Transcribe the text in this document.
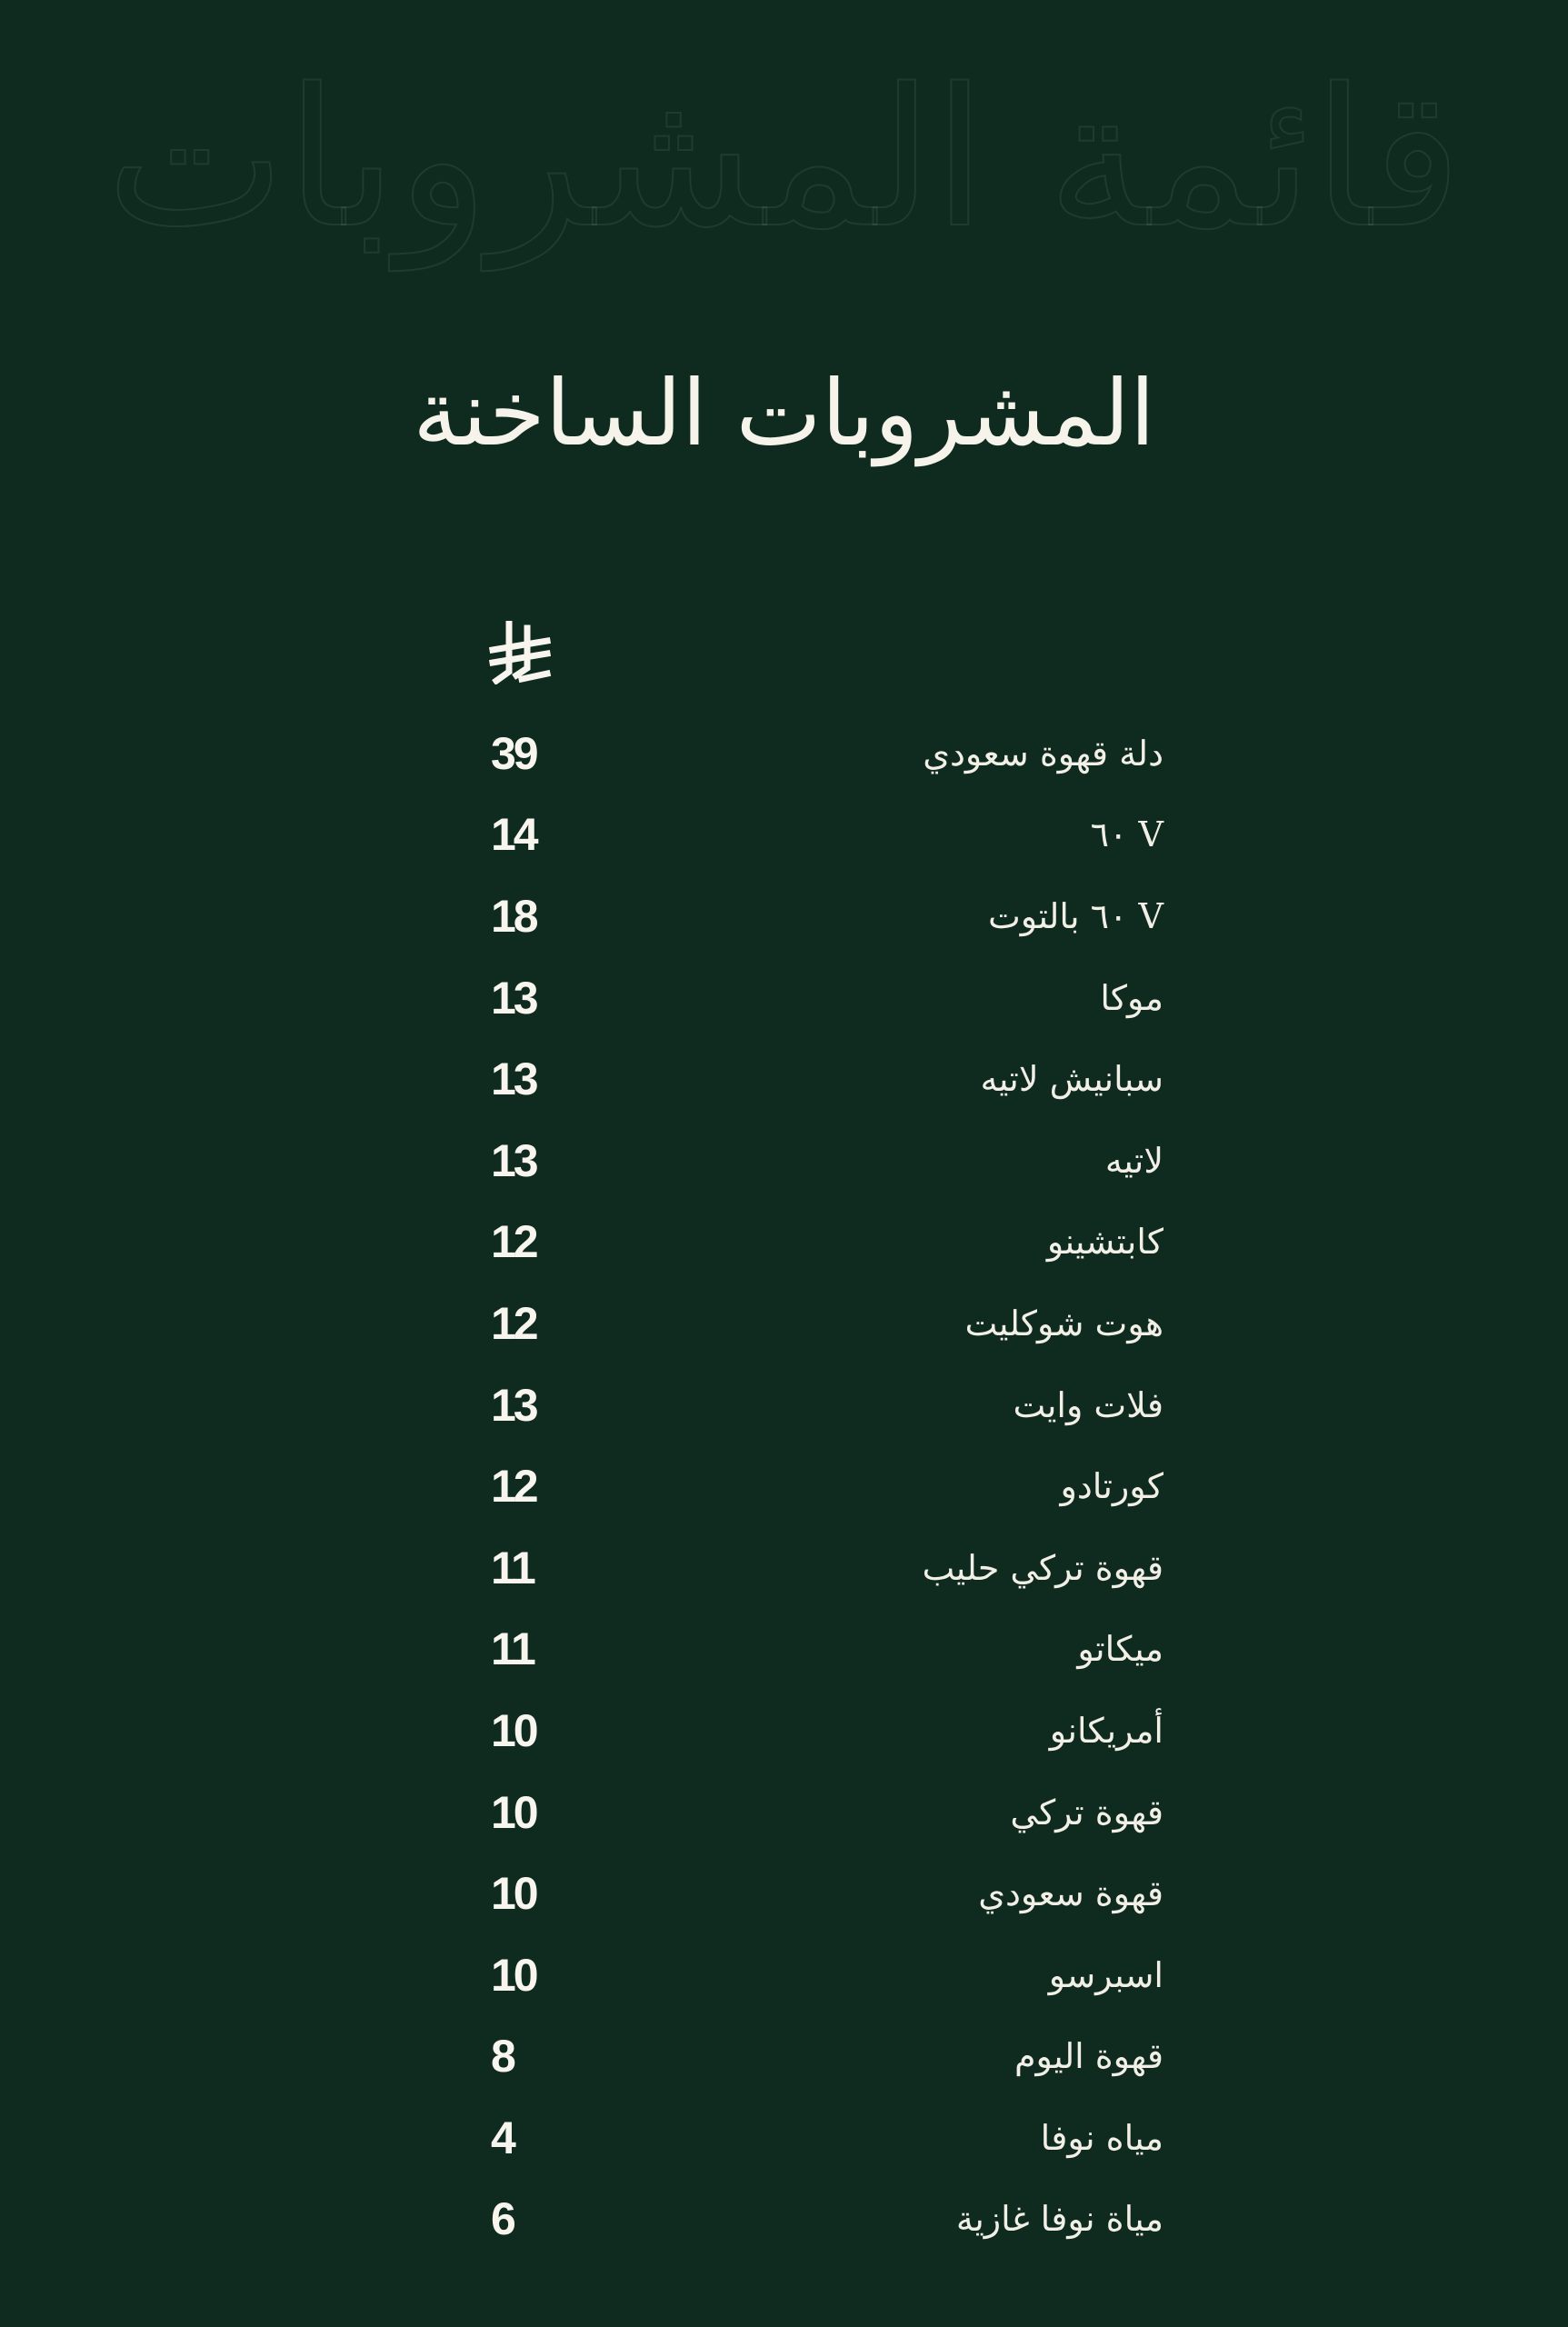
قائمة المشروبات
المشروبات الساخنة
39	دلة قهوة سعودي
14	V ٦٠
18	V ٦٠ بالتوت
13	موكا
13	سبانيش لاتيه
13	لاتيه
12	كابتشينو
12	هوت شوكليت
13	فلات وايت
12	كورتادو
11	قهوة تركي حليب
11	ميكاتو
10	أمريكانو
10	قهوة تركي
10	قهوة سعودي
10	اسبرسو
8	قهوة اليوم
4	مياه نوفا
6	مياة نوفا غازية
